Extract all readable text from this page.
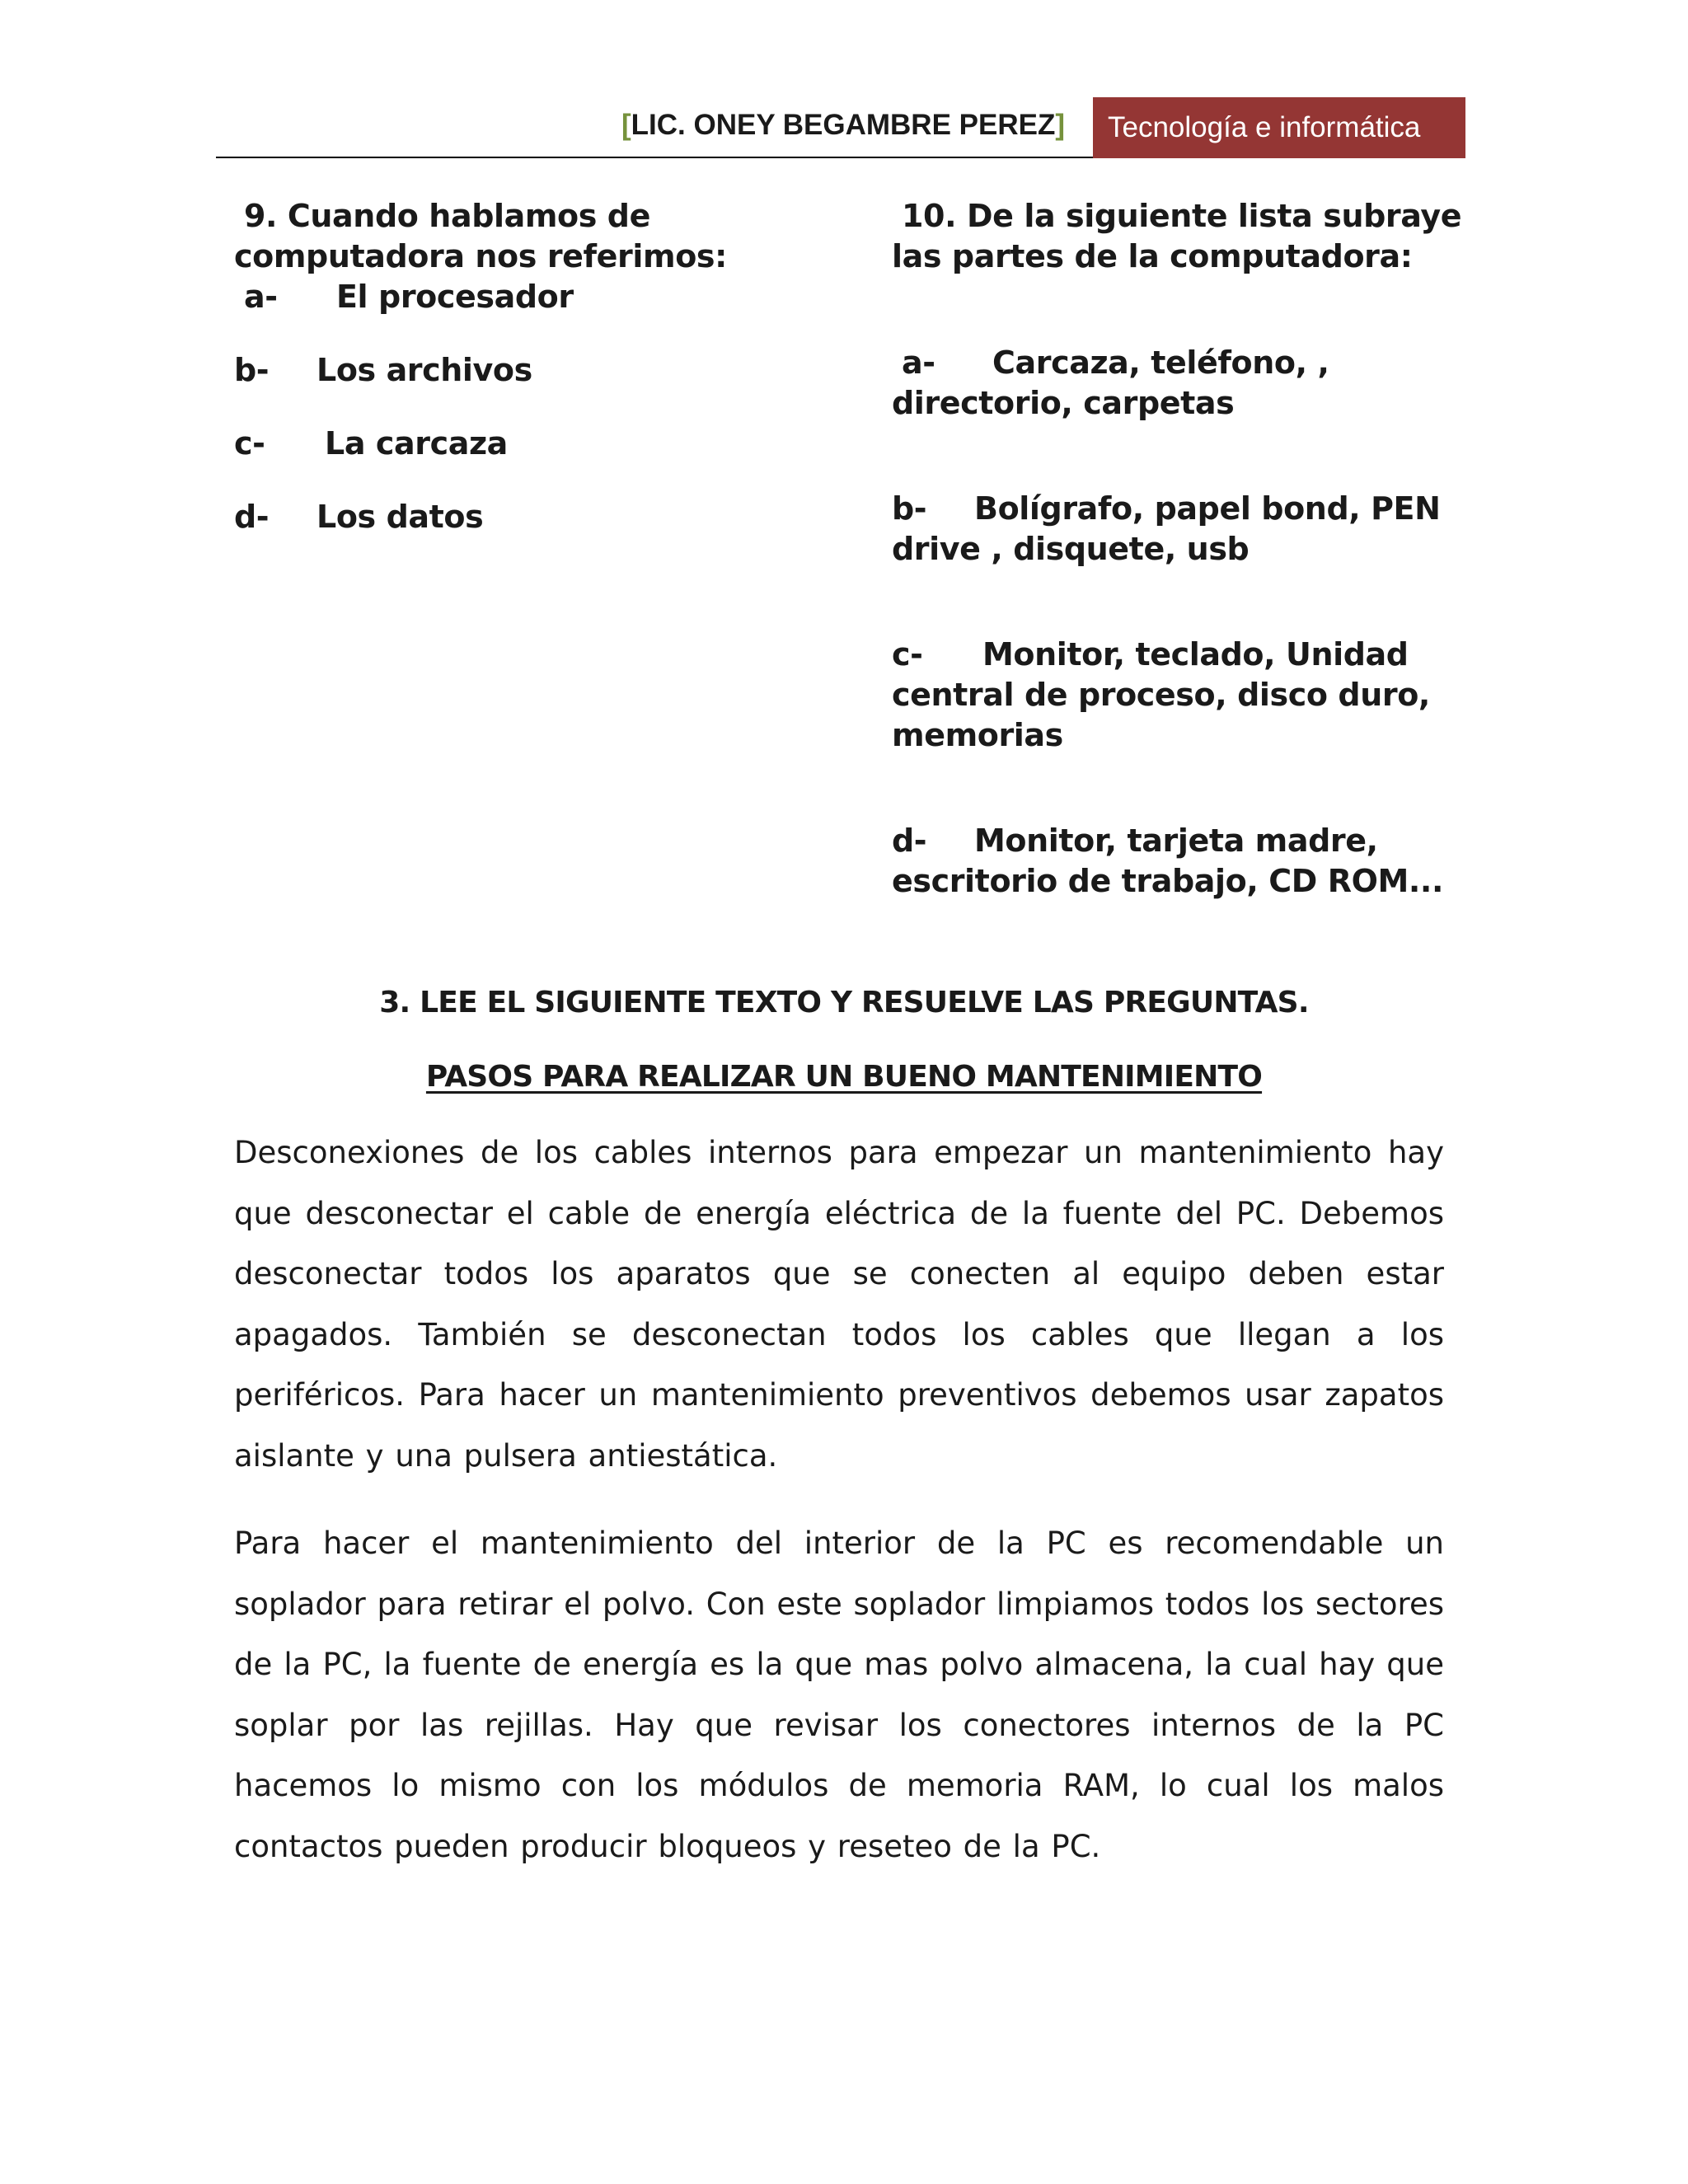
[LIC. ONEY BEGAMBRE PEREZ]	Tecnología e informática

9. Cuando hablamos de computadora nos referimos:

a- El procesador

b- Los archivos

c- La carcaza

d- Los datos

10. De la siguiente lista subraye las partes de la computadora:

a- Carcaza, teléfono, , directorio, carpetas

b- Bolígrafo, papel bond, PEN drive , disquete, usb

c- Monitor, teclado, Unidad central de proceso, disco duro, memorias

d- Monitor, tarjeta madre, escritorio de trabajo, CD ROM...

3. LEE EL SIGUIENTE TEXTO Y RESUELVE LAS PREGUNTAS.
PASOS PARA REALIZAR UN BUENO MANTENIMIENTO

Desconexiones de los cables internos para empezar un mantenimiento hay que desconectar el cable de energía eléctrica de la fuente del PC. Debemos desconectar todos los aparatos que se conecten al equipo deben estar apagados. También se desconectan todos los cables que llegan a los periféricos. Para hacer un mantenimiento preventivos debemos usar zapatos aislante y una pulsera antiestática.

Para hacer el mantenimiento del interior de la PC es recomendable un soplador para retirar el polvo. Con este soplador limpiamos todos los sectores de la PC, la fuente de energía es la que mas polvo almacena, la cual hay que soplar por las rejillas. Hay que revisar los conectores internos de la PC hacemos lo mismo con los módulos de memoria RAM, lo cual los malos contactos pueden producir bloqueos y reseteo de la PC.
